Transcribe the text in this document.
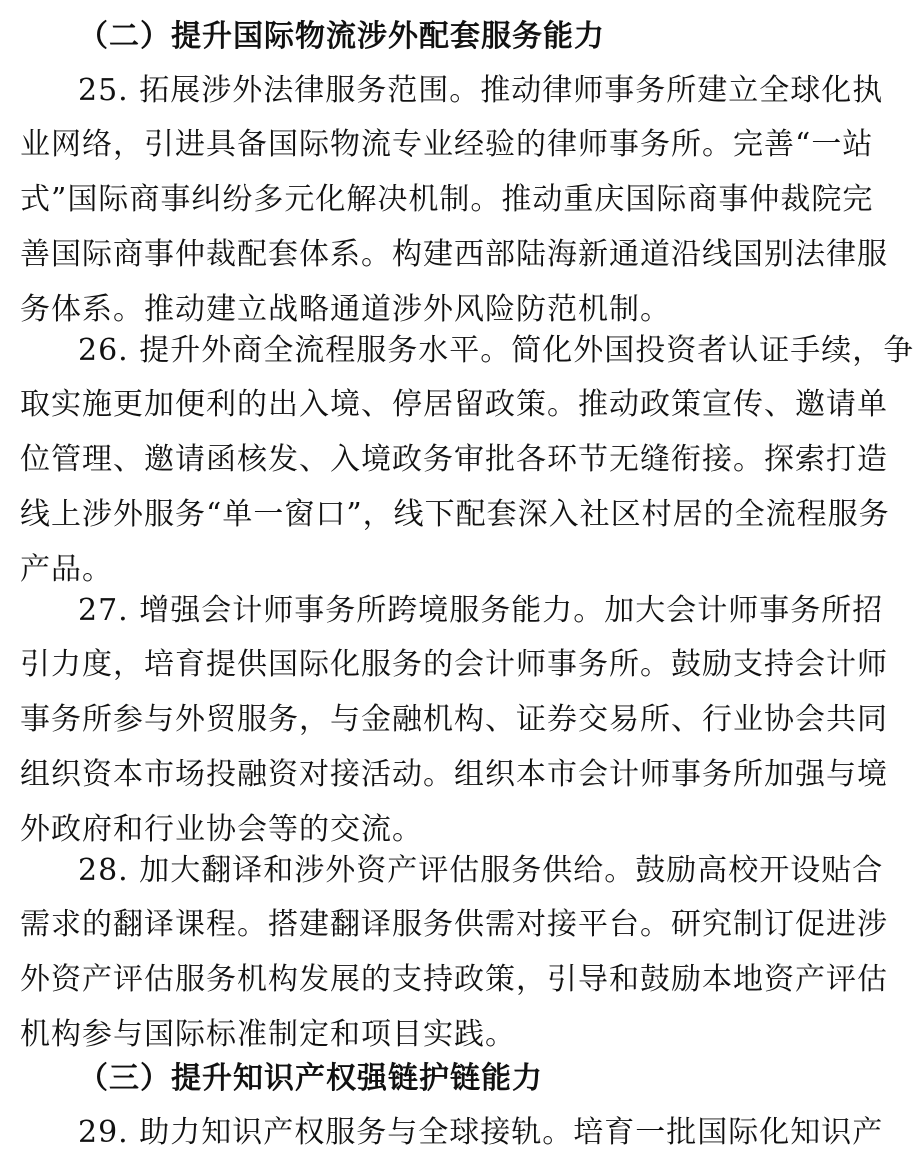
（二）提升国际物流涉外配套服务能力
25. 拓展涉外法律服务范围。推动律师事务所建立全球化执
业网络，引进具备国际物流专业经验的律师事务所。完善“一站
式”国际商事纠纷多元化解决机制。推动重庆国际商事仲裁院完
善国际商事仲裁配套体系。构建西部陆海新通道沿线国别法律服
务体系。推动建立战略通道涉外风险防范机制。
26. 提升外商全流程服务水平。简化外国投资者认证手续，争
取实施更加便利的出入境、停居留政策。推动政策宣传、邀请单
位管理、邀请函核发、入境政务审批各环节无缝衔接。探索打造
线上涉外服务“单一窗口”，线下配套深入社区村居的全流程服务
产品。
27. 增强会计师事务所跨境服务能力。加大会计师事务所招
引力度，培育提供国际化服务的会计师事务所。鼓励支持会计师
事务所参与外贸服务，与金融机构、证券交易所、行业协会共同
组织资本市场投融资对接活动。组织本市会计师事务所加强与境
外政府和行业协会等的交流。
28. 加大翻译和涉外资产评估服务供给。鼓励高校开设贴合
需求的翻译课程。搭建翻译服务供需对接平台。研究制订促进涉
外资产评估服务机构发展的支持政策，引导和鼓励本地资产评估
机构参与国际标准制定和项目实践。
（三）提升知识产权强链护链能力
29. 助力知识产权服务与全球接轨。培育一批国际化知识产
